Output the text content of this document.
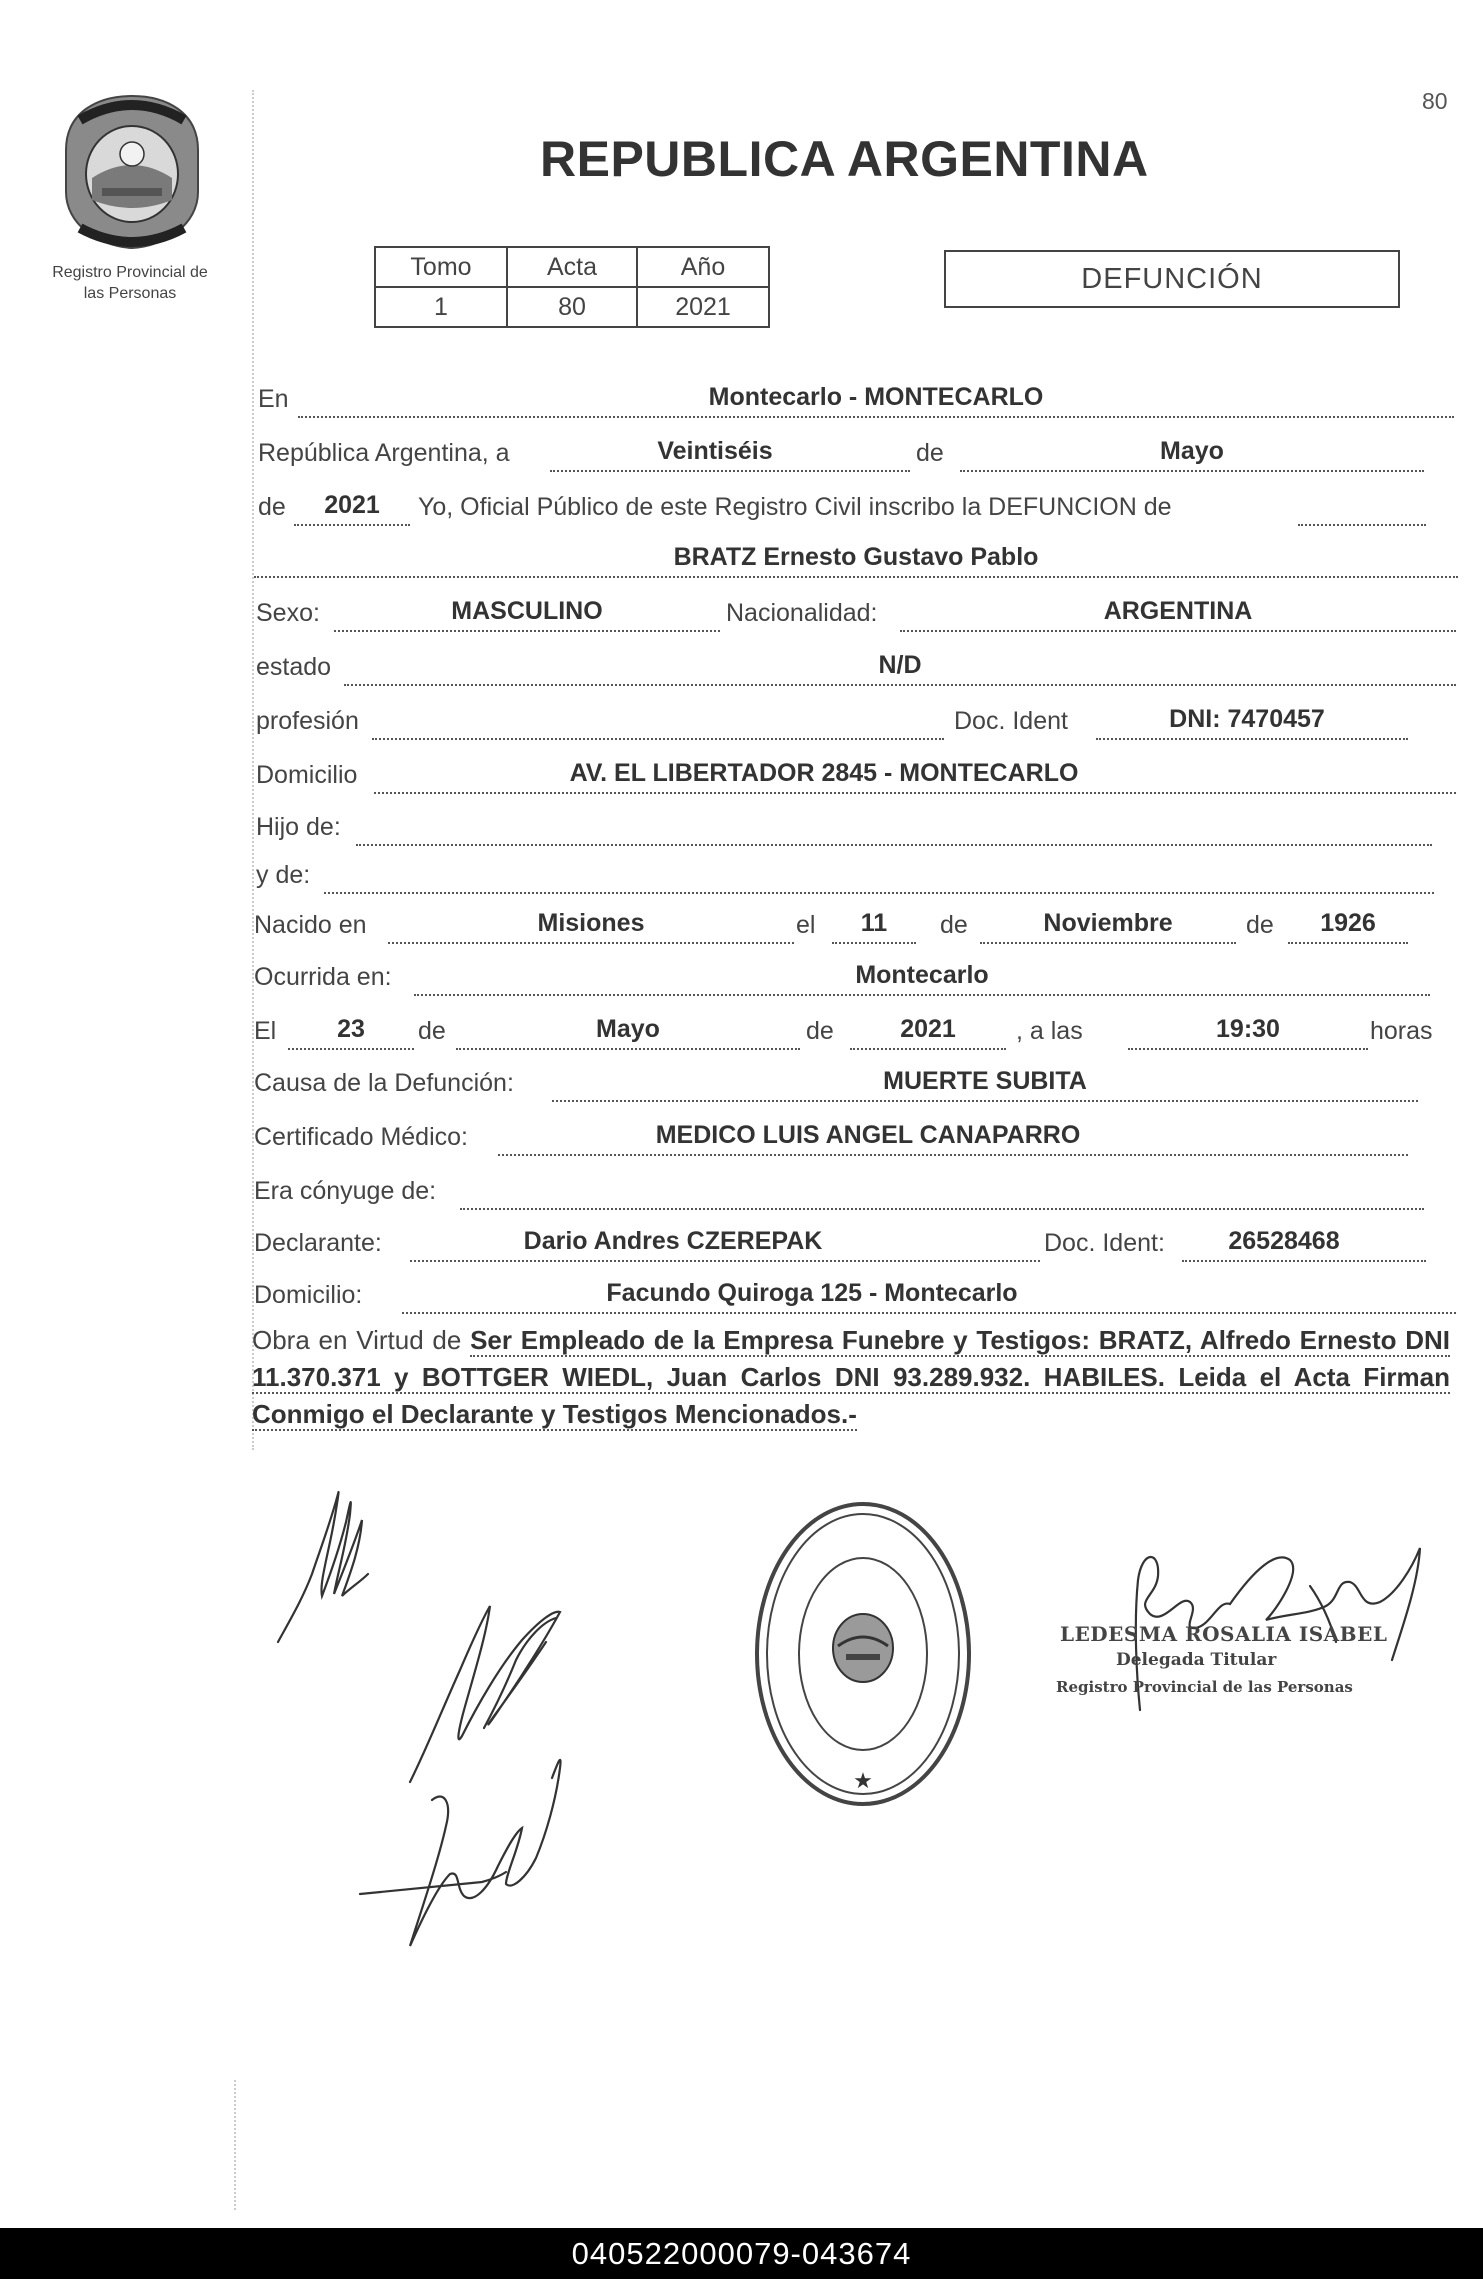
80
Registro Provincial de
las Personas
REPUBLICA ARGENTINA
Tomo	Acta	Año
1	80	2021
DEFUNCIÓN
En	Montecarlo - MONTECARLO
República Argentina, a	Veintiséis	de	Mayo
de	2021	Yo, Oficial Público de este Registro Civil inscribo la DEFUNCION de
BRATZ Ernesto Gustavo Pablo
Sexo:	MASCULINO	Nacionalidad:	ARGENTINA
estado	N/D
profesión	Doc. Ident	DNI: 7470457
Domicilio	AV. EL LIBERTADOR 2845 - MONTECARLO
Hijo de:
y de:
Nacido en	Misiones	el	11	de	Noviembre	de	1926
Ocurrida en:	Montecarlo
El	23	de	Mayo	de	2021	, a las	19:30	horas
Causa de la Defunción:	MUERTE SUBITA
Certificado Médico:	MEDICO LUIS ANGEL CANAPARRO
Era cónyuge de:
Declarante:	Dario Andres CZEREPAK	Doc. Ident:	26528468
Domicilio:	Facundo Quiroga 125 - Montecarlo
Obra en Virtud de Ser Empleado de la Empresa Funebre y Testigos: BRATZ, Alfredo Ernesto DNI 11.370.371 y BOTTGER WIEDL, Juan Carlos DNI 93.289.932. HABILES. Leida el Acta Firman Conmigo el Declarante y Testigos Mencionados.-
★
LEDESMA ROSALIA ISABEL
Delegada Titular
Registro Provincial de las Personas
040522000079-043674
